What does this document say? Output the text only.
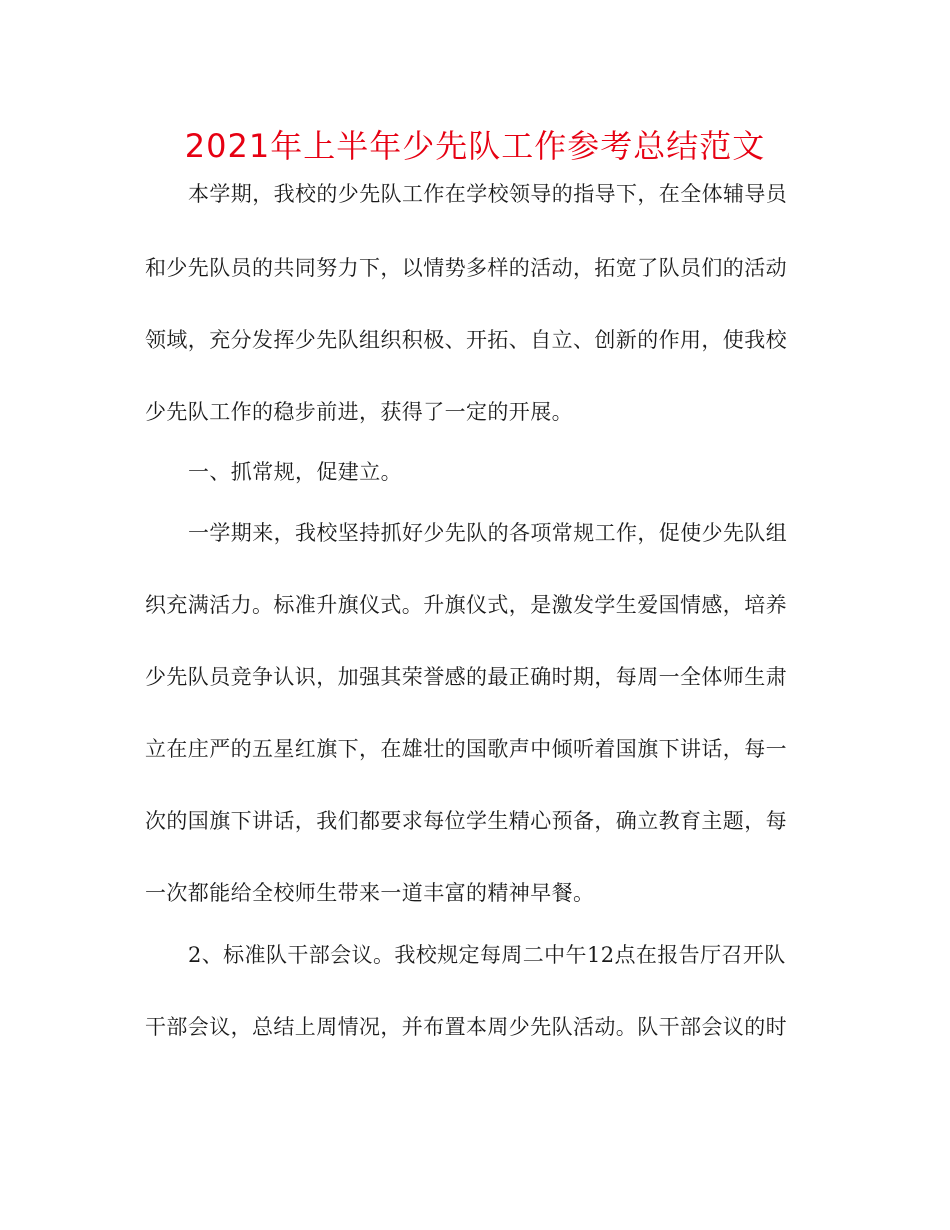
2021年上半年少先队工作参考总结范文
本学期，我校的少先队工作在学校领导的指导下，在全体辅导员
和少先队员的共同努力下，以情势多样的活动，拓宽了队员们的活动
领域，充分发挥少先队组织积极、开拓、自立、创新的作用，使我校
少先队工作的稳步前进，获得了一定的开展。
一、抓常规，促建立。
一学期来，我校坚持抓好少先队的各项常规工作，促使少先队组
织充满活力。标准升旗仪式。升旗仪式，是激发学生爱国情感，培养
少先队员竞争认识，加强其荣誉感的最正确时期，每周一全体师生肃
立在庄严的五星红旗下，在雄壮的国歌声中倾听着国旗下讲话，每一
次的国旗下讲话，我们都要求每位学生精心预备，确立教育主题，每
一次都能给全校师生带来一道丰富的精神早餐。
2、标准队干部会议。我校规定每周二中午12点在报告厅召开队
干部会议，总结上周情况，并布置本周少先队活动。队干部会议的时
